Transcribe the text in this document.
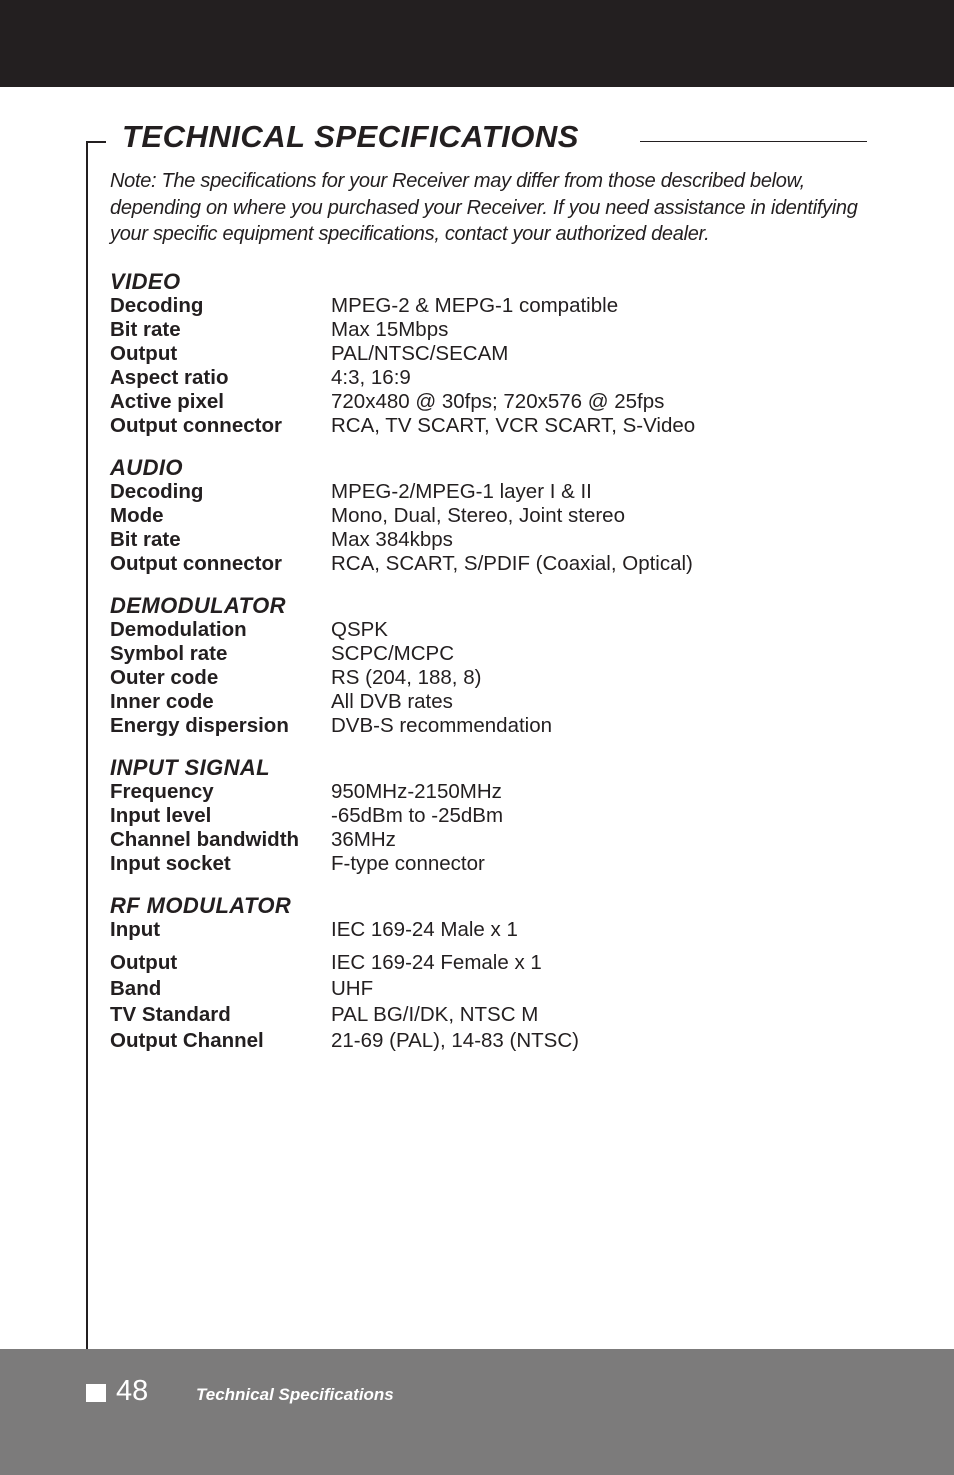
TECHNICAL SPECIFICATIONS

Note: The specifications for your Receiver may differ from those described below, depending on where you purchased your Receiver. If you need assistance in identifying your specific equipment specifications, contact your authorized dealer.

VIDEO
Decoding	MPEG-2 & MEPG-1 compatible
Bit rate	Max 15Mbps
Output	PAL/NTSC/SECAM
Aspect ratio	4:3, 16:9
Active pixel	720x480 @ 30fps; 720x576 @ 25fps
Output connector	RCA, TV SCART, VCR SCART, S-Video
AUDIO
Decoding	MPEG-2/MPEG-1 layer I & II
Mode	Mono, Dual, Stereo, Joint stereo
Bit rate	Max 384kbps
Output connector	RCA, SCART, S/PDIF (Coaxial, Optical)
DEMODULATOR
Demodulation	QSPK
Symbol rate	SCPC/MCPC
Outer code	RS (204, 188, 8)
Inner code	All DVB rates
Energy dispersion	DVB-S recommendation
INPUT SIGNAL
Frequency	950MHz-2150MHz
Input level	-65dBm to -25dBm
Channel bandwidth	36MHz
Input socket	F-type connector
RF MODULATOR
Input	IEC 169-24 Male x 1
Output	IEC 169-24 Female x 1
Band	UHF
TV Standard	PAL BG/I/DK, NTSC M
Output Channel	21-69 (PAL), 14-83 (NTSC)

48	Technical Specifications
